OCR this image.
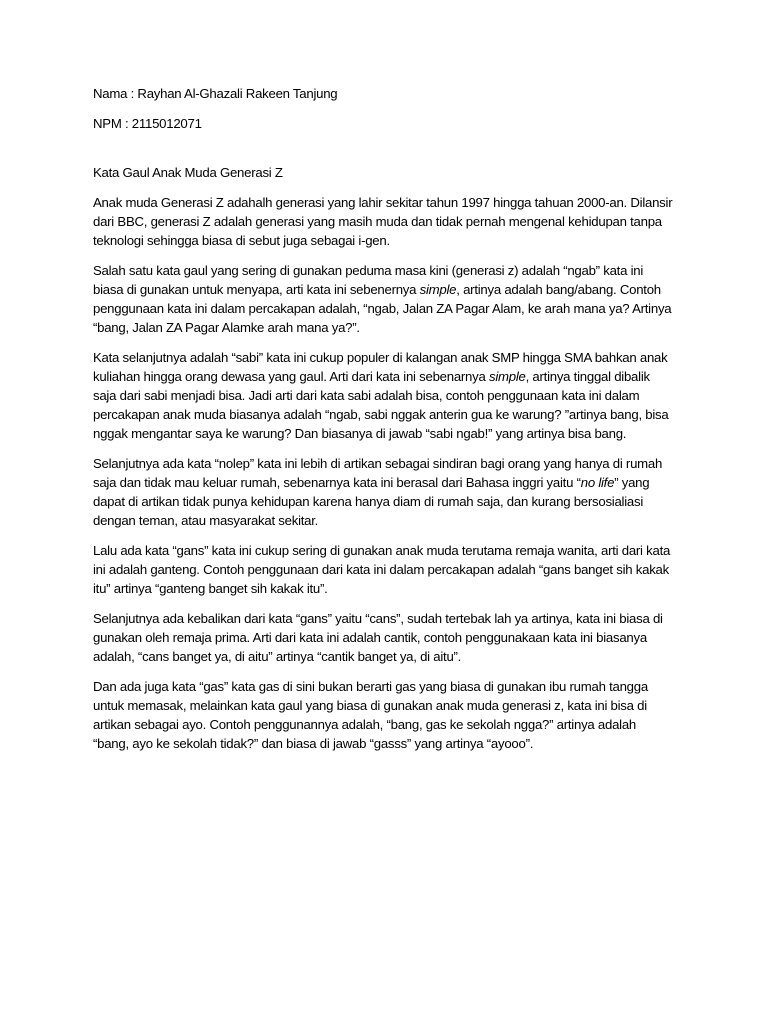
Nama : Rayhan Al-Ghazali Rakeen Tanjung

NPM : 2115012071

Kata Gaul Anak Muda Generasi Z

Anak muda Generasi Z adahalh generasi yang lahir sekitar tahun 1997 hingga tahuan 2000-an. Dilansir dari BBC, generasi Z adalah generasi yang masih muda dan tidak pernah mengenal kehidupan tanpa teknologi sehingga biasa di sebut juga sebagai i-gen.

Salah satu kata gaul yang sering di gunakan peduma masa kini (generasi z) adalah “ngab” kata ini biasa di gunakan untuk menyapa, arti kata ini sebenernya simple, artinya adalah bang/abang. Contoh penggunaan kata ini dalam percakapan adalah, “ngab, Jalan ZA Pagar Alam, ke arah mana ya? Artinya “bang, Jalan ZA Pagar Alamke arah mana ya?”.

Kata selanjutnya adalah “sabi” kata ini cukup populer di kalangan anak SMP hingga SMA bahkan anak kuliahan hingga orang dewasa yang gaul. Arti dari kata ini sebenarnya simple, artinya tinggal dibalik saja dari sabi menjadi bisa. Jadi arti dari kata sabi adalah bisa, contoh penggunaan kata ini dalam percakapan anak muda biasanya adalah “ngab, sabi nggak anterin gua ke warung? ”artinya bang, bisa nggak mengantar saya ke warung? Dan biasanya di jawab “sabi ngab!” yang artinya bisa bang.

Selanjutnya ada kata “nolep” kata ini lebih di artikan sebagai sindiran bagi orang yang hanya di rumah saja dan tidak mau keluar rumah, sebenarnya kata ini berasal dari Bahasa inggri yaitu “no life” yang dapat di artikan tidak punya kehidupan karena hanya diam di rumah saja, dan kurang bersosialiasi dengan teman, atau masyarakat sekitar.

Lalu ada kata “gans” kata ini cukup sering di gunakan anak muda terutama remaja wanita, arti dari kata ini adalah ganteng. Contoh penggunaan dari kata ini dalam percakapan adalah “gans banget sih kakak itu” artinya “ganteng banget sih kakak itu”.

Selanjutnya ada kebalikan dari kata “gans” yaitu “cans”, sudah tertebak lah ya artinya, kata ini biasa di gunakan oleh remaja prima. Arti dari kata ini adalah cantik, contoh penggunakaan kata ini biasanya adalah, “cans banget ya, di aitu” artinya “cantik banget ya, di aitu”.

Dan ada juga kata “gas” kata gas di sini bukan berarti gas yang biasa di gunakan ibu rumah tangga untuk memasak, melainkan kata gaul yang biasa di gunakan anak muda generasi z, kata ini bisa di artikan sebagai ayo. Contoh penggunannya adalah, “bang, gas ke sekolah ngga?” artinya adalah “bang, ayo ke sekolah tidak?” dan biasa di jawab “gasss” yang artinya “ayooo”.
